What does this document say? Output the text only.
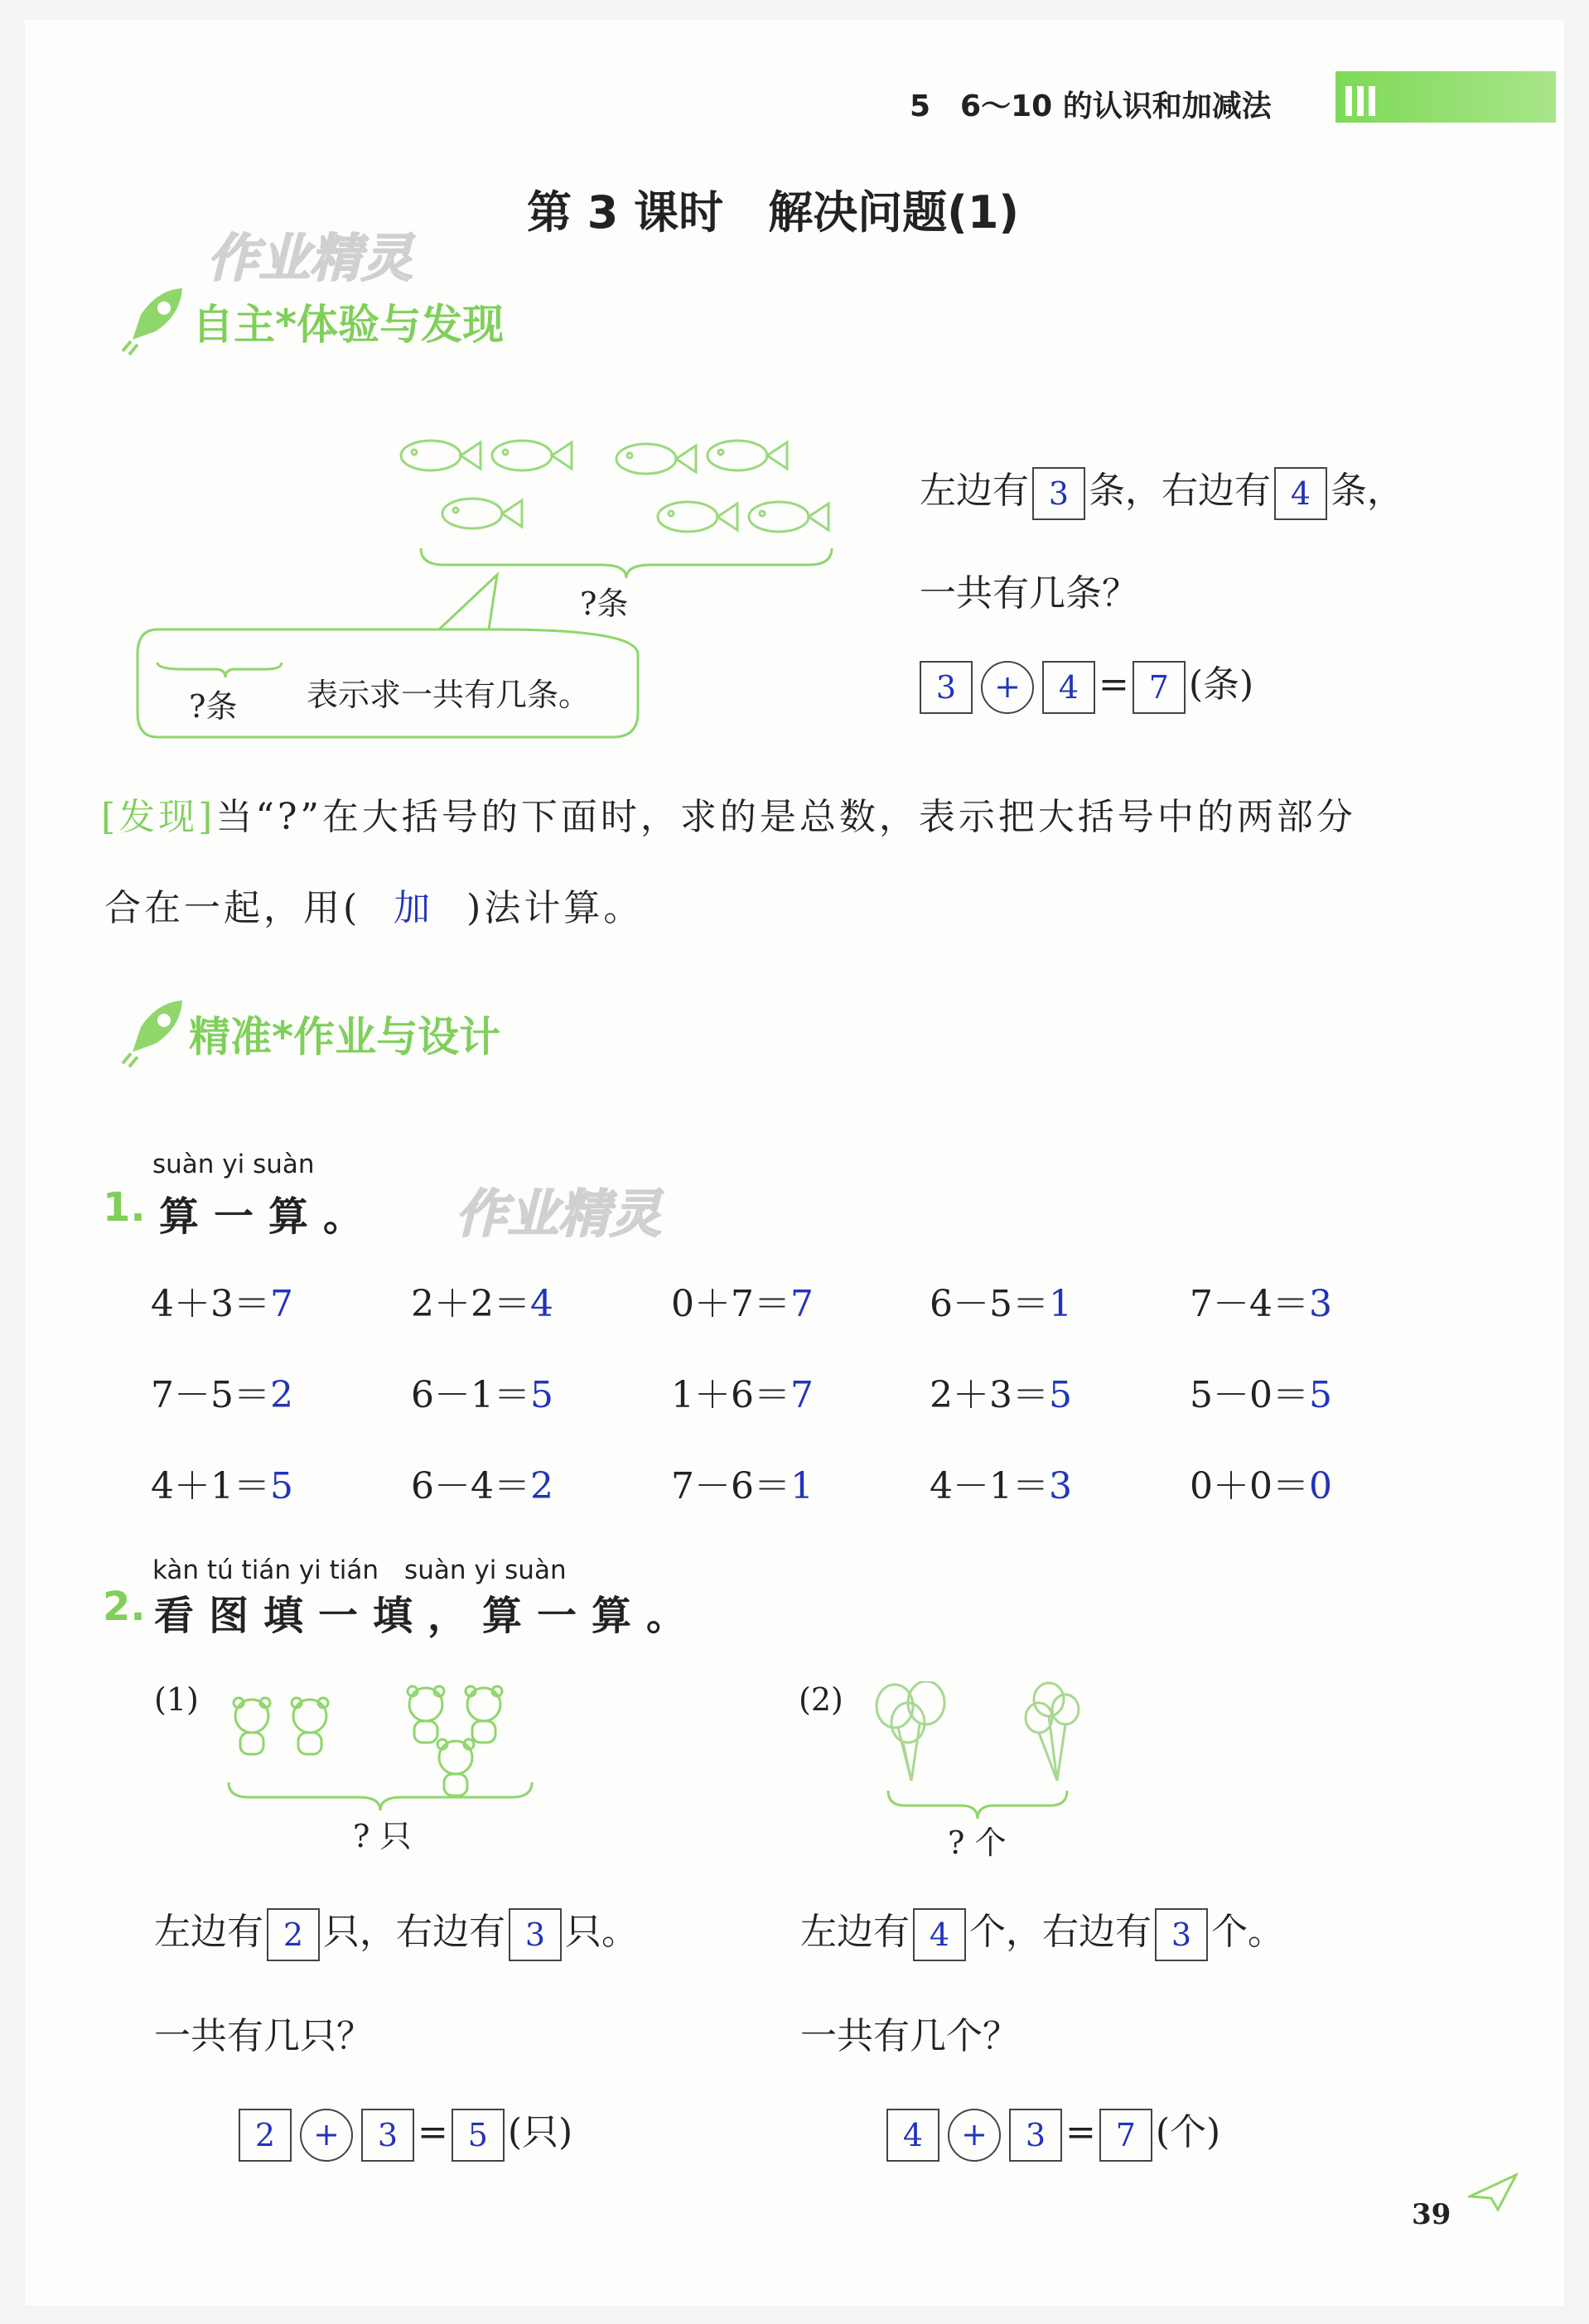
5　6～10 的认识和加减法
第 3 课时　解决问题(1)
作业精灵
作业精灵
自主*体验与发现
?条
?条 表示求一共有几条。
左边有 3 条，右边有 4 条，
一共有几条？
3 + 4 = 7 (条)
[发现]当“?”在大括号的下面时，求的是总数，表示把大括号中的两部分
合在一起，用( 加 )法计算。
精准*作业与设计
suàn yi suàn
1. 算一算。
4＋3＝7	2＋2＝4	0＋7＝7	6－5＝1	7－4＝3
7－5＝2	6－1＝5	1＋6＝7	2＋3＝5	5－0＝5
4＋1＝5	6－4＝2	7－6＝1	4－1＝3	0＋0＝0
kàn tú tián yi tián　suàn yi suàn
2. 看图填一填，算一算。
(1)
? 只
左边有 2 只，右边有 3 只。
一共有几只？
2 + 3 = 5 (只)
(2)
? 个
左边有 4 个，右边有 3 个。
一共有几个？
4 + 3 = 7 (个)
39
